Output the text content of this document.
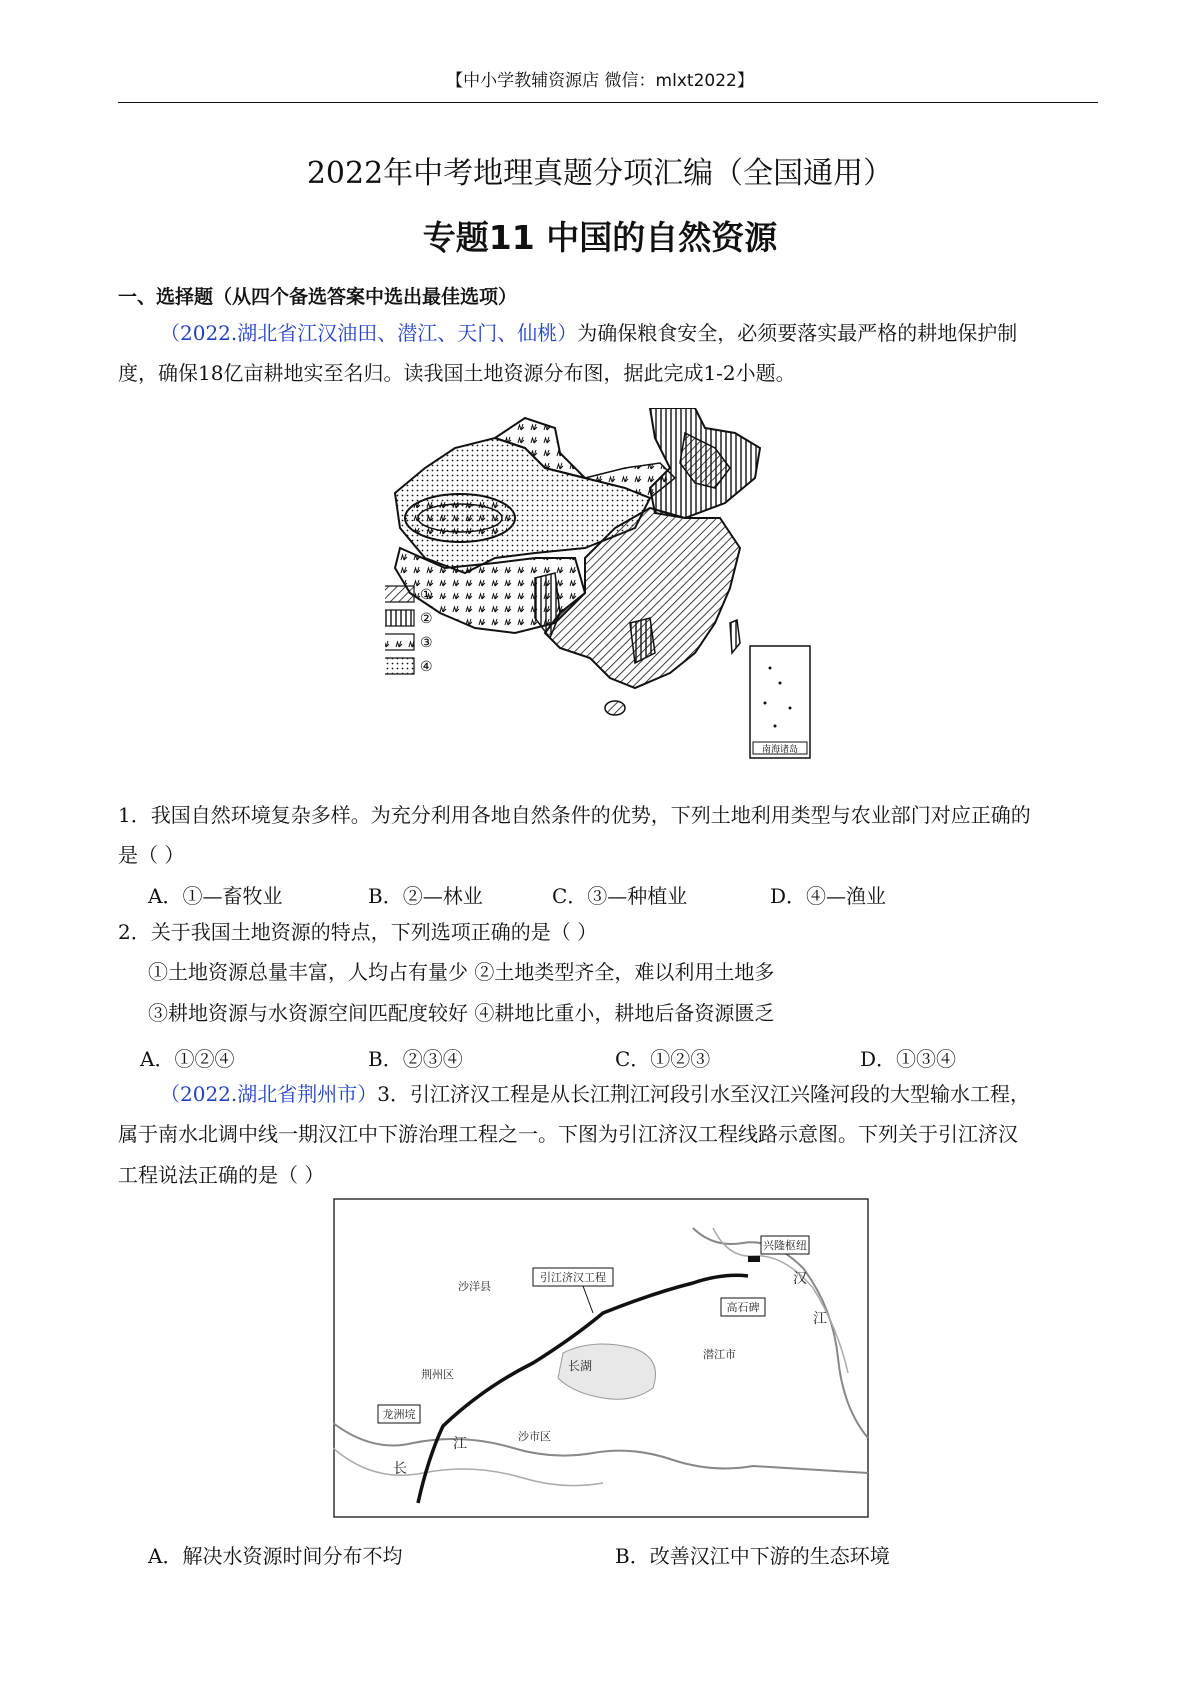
【中小学教辅资源店 微信：mlxt2022】
2022年中考地理真题分项汇编（全国通用）
专题11 中国的自然资源
一、选择题（从四个备选答案中选出最佳选项）
（2022.湖北省江汉油田、潜江、天门、仙桃）为确保粮食安全，必须要落实最严格的耕地保护制
度，确保18亿亩耕地实至名归。读我国土地资源分布图，据此完成1-2小题。
①
②
③
④
南海诸岛
1．我国自然环境复杂多样。为充分利用各地自然条件的优势，下列土地利用类型与农业部门对应正确的
是（ ）
A．①—畜牧业	B．②—林业	C．③—种植业	D．④—渔业
2．关于我国土地资源的特点，下列选项正确的是（ ）
①土地资源总量丰富，人均占有量少 ②土地类型齐全，难以利用土地多
③耕地资源与水资源空间匹配度较好 ④耕地比重小，耕地后备资源匮乏
A．①②④	B．②③④	C．①②③	D．①③④
（2022.湖北省荆州市）3．引江济汉工程是从长江荆江河段引水至汉江兴隆河段的大型输水工程，
属于南水北调中线一期汉江中下游治理工程之一。下图为引江济汉工程线路示意图。下列关于引江济汉
工程说法正确的是（ ）
兴隆枢纽
汉
江
沙洋县
引江济汉工程
高石碑
长湖
潜江市
荆州区
龙洲垸
沙市区
长
江
A．解决水资源时间分布不均	B．改善汉江中下游的生态环境
